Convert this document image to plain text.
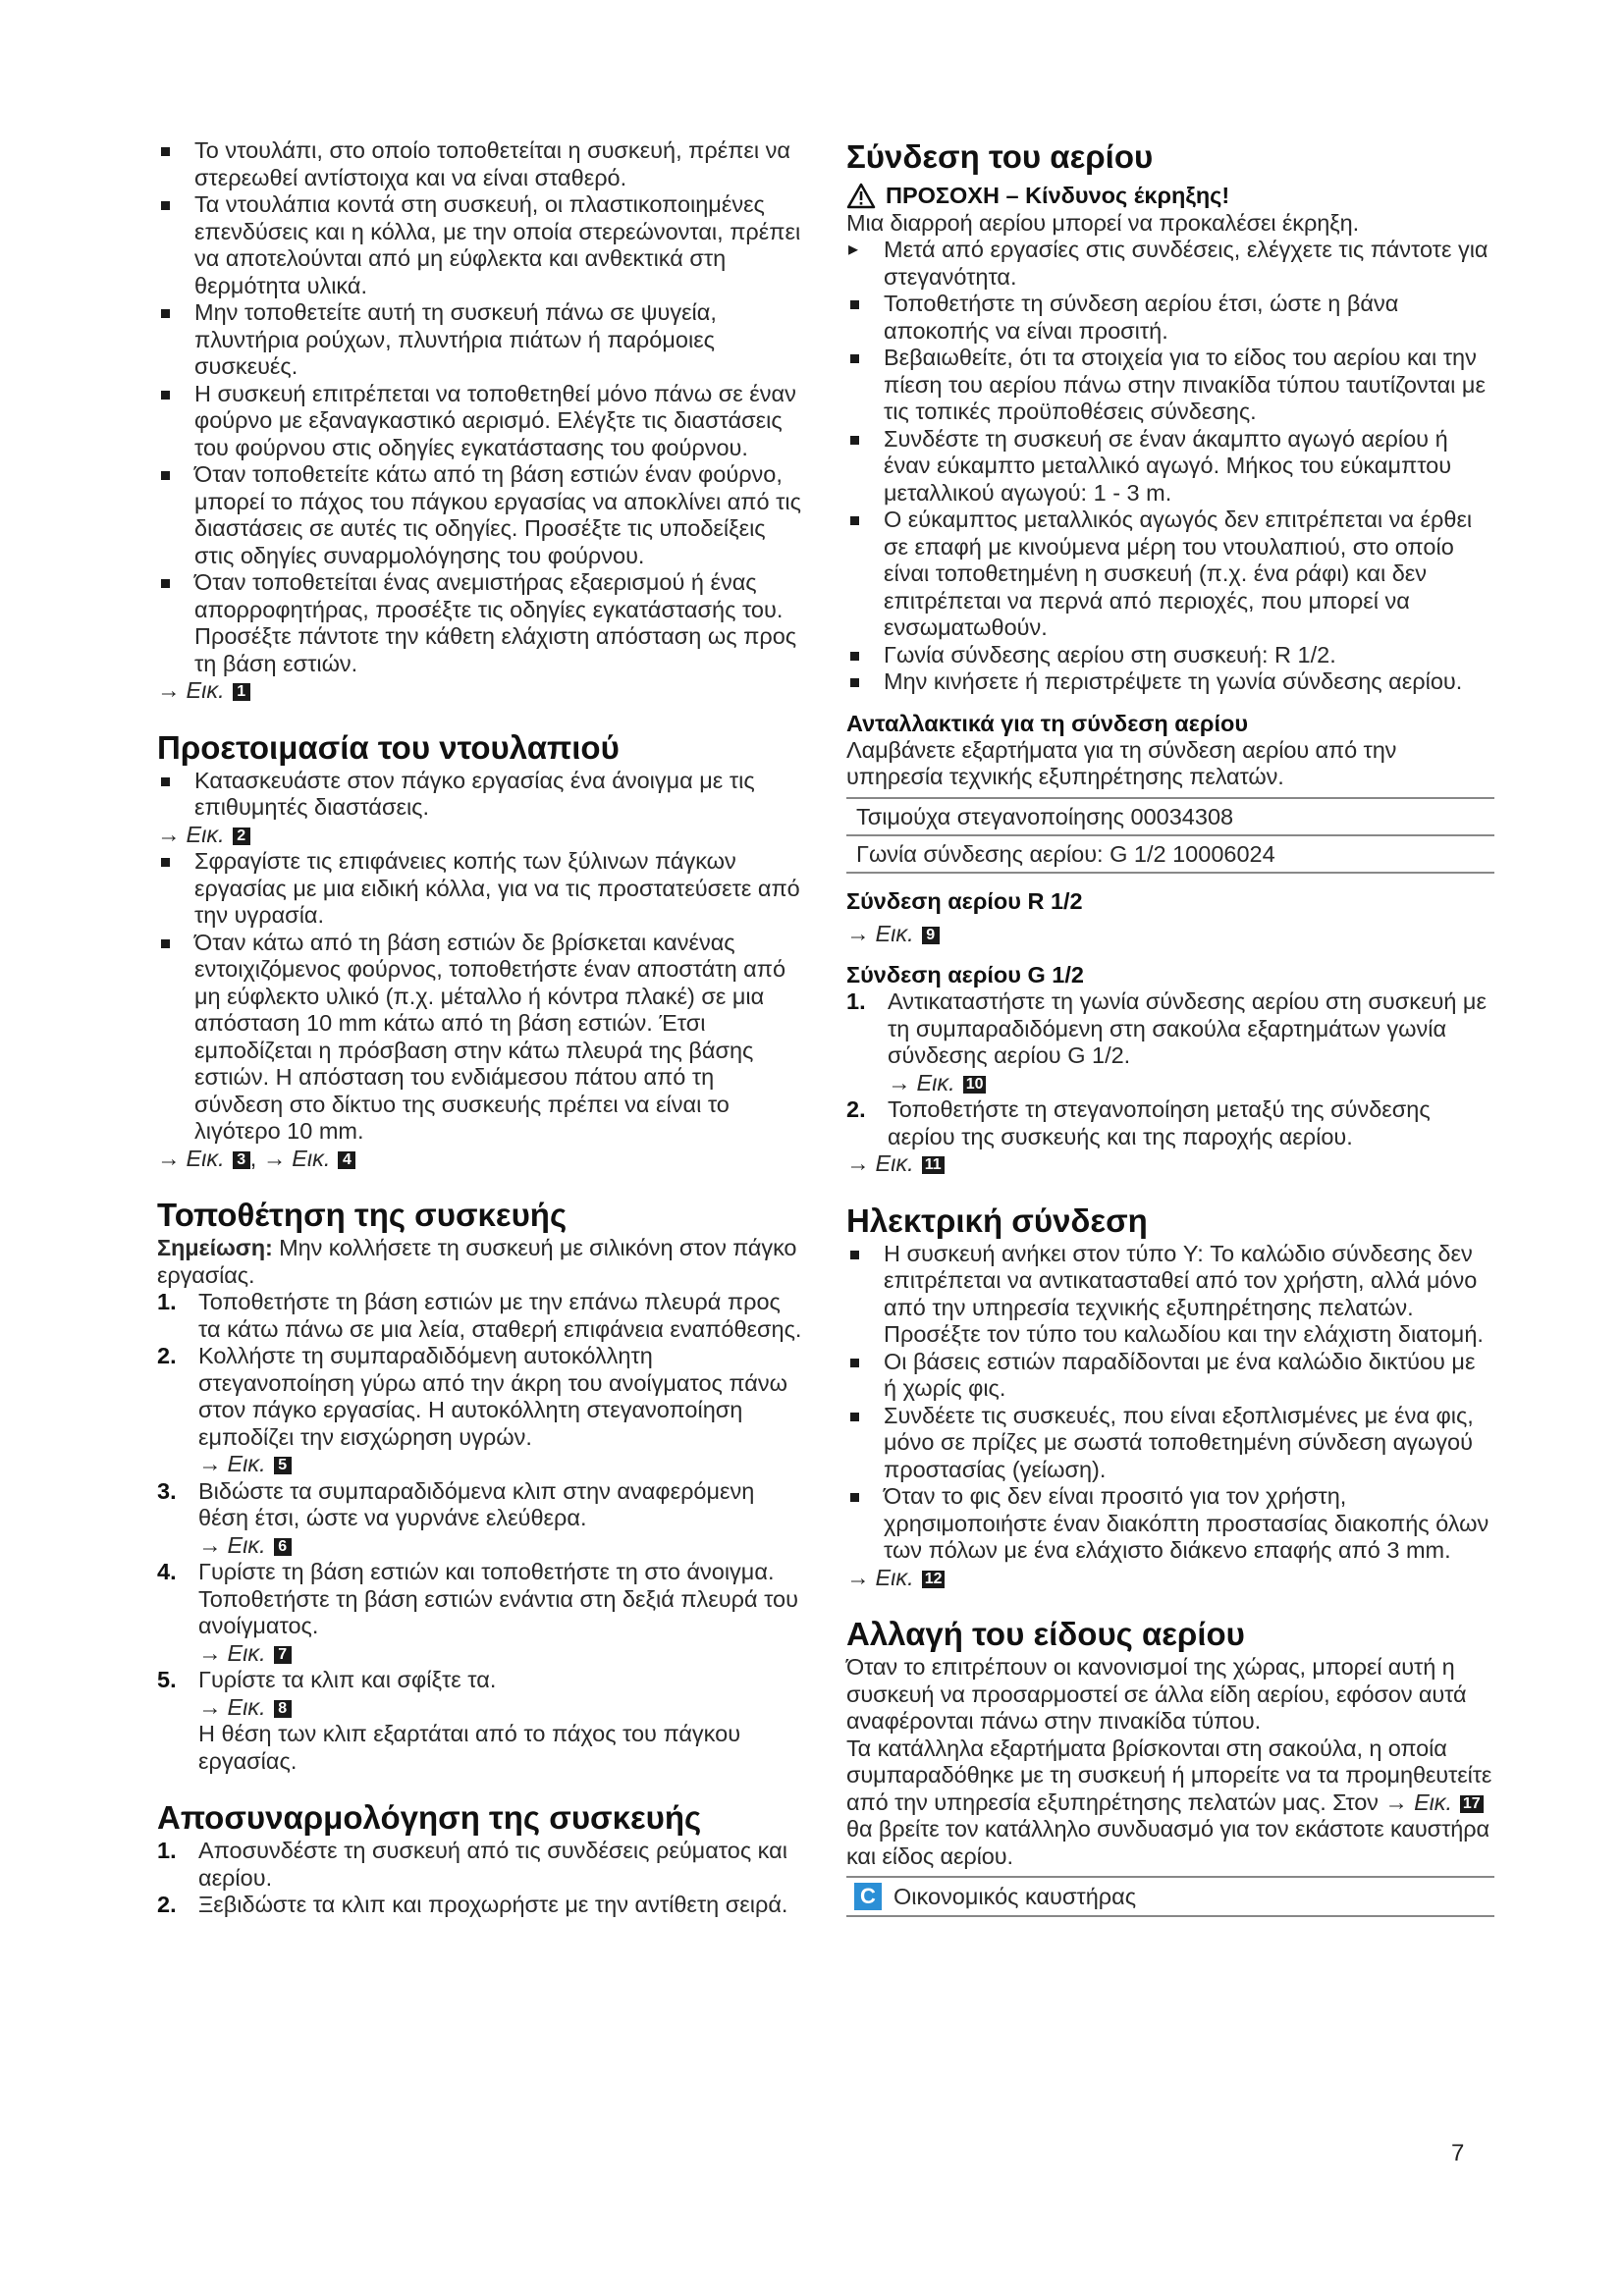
Το ντουλάπι, στο οποίο τοποθετείται η συσκευή, πρέπει να στερεωθεί αντίστοιχα και να είναι σταθερό.

Τα ντουλάπια κοντά στη συσκευή, οι πλαστικοποιημένες επενδύσεις και η κόλλα, με την οποία στερεώνονται, πρέπει να αποτελούνται από μη εύφλεκτα και ανθεκτικά στη θερμότητα υλικά.

Μην τοποθετείτε αυτή τη συσκευή πάνω σε ψυγεία, πλυντήρια ρούχων, πλυντήρια πιάτων ή παρόμοιες συσκευές.

Η συσκευή επιτρέπεται να τοποθετηθεί μόνο πάνω σε έναν φούρνο με εξαναγκαστικό αερισμό. Ελέγξτε τις διαστάσεις του φούρνου στις οδηγίες εγκατάστασης του φούρνου.

Όταν τοποθετείτε κάτω από τη βάση εστιών έναν φούρνο, μπορεί το πάχος του πάγκου εργασίας να αποκλίνει από τις διαστάσεις σε αυτές τις οδηγίες. Προσέξτε τις υποδείξεις στις οδηγίες συναρμολόγησης του φούρνου.

Όταν τοποθετείται ένας ανεμιστήρας εξαερισμού ή ένας απορροφητήρας, προσέξτε τις οδηγίες εγκατάστασής του. Προσέξτε πάντοτε την κάθετη ελάχιστη απόσταση ως προς τη βάση εστιών.

→ Εικ. 1

Προετοιμασία του ντουλαπιού

Κατασκευάστε στον πάγκο εργασίας ένα άνοιγμα με τις επιθυμητές διαστάσεις.

→ Εικ. 2

Σφραγίστε τις επιφάνειες κοπής των ξύλινων πάγκων εργασίας με μια ειδική κόλλα, για να τις προστατεύσετε από την υγρασία.

Όταν κάτω από τη βάση εστιών δε βρίσκεται κανένας εντοιχιζόμενος φούρνος, τοποθετήστε έναν αποστάτη από μη εύφλεκτο υλικό (π.χ. μέταλλο ή κόντρα πλακέ) σε μια απόσταση 10 mm κάτω από τη βάση εστιών. Έτσι εμποδίζεται η πρόσβαση στην κάτω πλευρά της βάσης εστιών. Η απόσταση του ενδιάμεσου πάτου από τη σύνδεση στο δίκτυο της συσκευής πρέπει να είναι το λιγότερο 10 mm.

→ Εικ. 3 , → Εικ. 4

Τοποθέτηση της συσκευής

Σημείωση: Μην κολλήσετε τη συσκευή με σιλικόνη στον πάγκο εργασίας.

1. Τοποθετήστε τη βάση εστιών με την επάνω πλευρά προς τα κάτω πάνω σε μια λεία, σταθερή επιφάνεια εναπόθεσης.
2. Κολλήστε τη συμπαραδιδόμενη αυτοκόλλητη στεγανοποίηση γύρω από την άκρη του ανοίγματος πάνω στον πάγκο εργασίας. Η αυτοκόλλητη στεγανοποίηση εμποδίζει την εισχώρηση υγρών.

→ Εικ. 5

3. Βιδώστε τα συμπαραδιδόμενα κλιπ στην αναφερόμενη θέση έτσι, ώστε να γυρνάνε ελεύθερα.

→ Εικ. 6

4. Γυρίστε τη βάση εστιών και τοποθετήστε τη στο άνοιγμα. Τοποθετήστε τη βάση εστιών ενάντια στη δεξιά πλευρά του ανοίγματος.

→ Εικ. 7

5. Γυρίστε τα κλιπ και σφίξτε τα.

→ Εικ. 8

Η θέση των κλιπ εξαρτάται από το πάχος του πάγκου εργασίας.

Αποσυναρμολόγηση της συσκευής
1. Αποσυνδέστε τη συσκευή από τις συνδέσεις ρεύματος και αερίου.
2. Ξεβιδώστε τα κλιπ και προχωρήστε με την αντίθετη σειρά.
Σύνδεση του αερίου
ΠΡΟΣΟΧΗ – Κίνδυνος έκρηξης!

Μια διαρροή αερίου μπορεί να προκαλέσει έκρηξη.

▸ Μετά από εργασίες στις συνδέσεις, ελέγχετε τις πάντοτε για στεγανότητα.

Τοποθετήστε τη σύνδεση αερίου έτσι, ώστε η βάνα αποκοπής να είναι προσιτή.

Βεβαιωθείτε, ότι τα στοιχεία για το είδος του αερίου και την πίεση του αερίου πάνω στην πινακίδα τύπου ταυτίζονται με τις τοπικές προϋποθέσεις σύνδεσης.

Συνδέστε τη συσκευή σε έναν άκαμπτο αγωγό αερίου ή έναν εύκαμπτο μεταλλικό αγωγό. Μήκος του εύκαμπτου μεταλλικού αγωγού: 1 - 3 m.

Ο εύκαμπτος μεταλλικός αγωγός δεν επιτρέπεται να έρθει σε επαφή με κινούμενα μέρη του ντουλαπιού, στο οποίο είναι τοποθετημένη η συσκευή (π.χ. ένα ράφι) και δεν επιτρέπεται να περνά από περιοχές, που μπορεί να ενσωματωθούν.

Γωνία σύνδεσης αερίου στη συσκευή: R 1/2.

Μην κινήσετε ή περιστρέψετε τη γωνία σύνδεσης αερίου.

Ανταλλακτικά για τη σύνδεση αερίου

Λαμβάνετε εξαρτήματα για τη σύνδεση αερίου από την υπηρεσία τεχνικής εξυπηρέτησης πελατών.

Τσιμούχα στεγανοποίησης 00034308
Γωνία σύνδεσης αερίου: G 1/2 10006024
Σύνδεση αερίου R 1/2

→ Εικ. 9

Σύνδεση αερίου G 1/2
1. Αντικαταστήστε τη γωνία σύνδεσης αερίου στη συσκευή με τη συμπαραδιδόμενη στη σακούλα εξαρτημάτων γωνία σύνδεσης αερίου G 1/2.

→ Εικ. 10

2. Τοποθετήστε τη στεγανοποίηση μεταξύ της σύνδεσης αερίου της συσκευής και της παροχής αερίου.

→ Εικ. 11

Ηλεκτρική σύνδεση

Η συσκευή ανήκει στον τύπο Y: Το καλώδιο σύνδεσης δεν επιτρέπεται να αντικατασταθεί από τον χρήστη, αλλά μόνο από την υπηρεσία τεχνικής εξυπηρέτησης πελατών. Προσέξτε τον τύπο του καλωδίου και την ελάχιστη διατομή.

Οι βάσεις εστιών παραδίδονται με ένα καλώδιο δικτύου με ή χωρίς φις.

Συνδέετε τις συσκευές, που είναι εξοπλισμένες με ένα φις, μόνο σε πρίζες με σωστά τοποθετημένη σύνδεση αγωγού προστασίας (γείωση).

Όταν το φις δεν είναι προσιτό για τον χρήστη, χρησιμοποιήστε έναν διακόπτη προστασίας διακοπής όλων των πόλων με ένα ελάχιστο διάκενο επαφής από 3 mm.

→ Εικ. 12

Αλλαγή του είδους αερίου

Όταν το επιτρέπουν οι κανονισμοί της χώρας, μπορεί αυτή η συσκευή να προσαρμοστεί σε άλλα είδη αερίου, εφόσον αυτά αναφέρονται πάνω στην πινακίδα τύπου.

Τα κατάλληλα εξαρτήματα βρίσκονται στη σακούλα, η οποία συμπαραδόθηκε με τη συσκευή ή μπορείτε να τα προμηθευτείτε από την υπηρεσία εξυπηρέτησης πελατών μας. Στον → Εικ. 17 θα βρείτε τον κατάλληλο συνδυασμό για τον εκάστοτε καυστήρα και είδος αερίου.

C Οικονομικός καυστήρας
7
